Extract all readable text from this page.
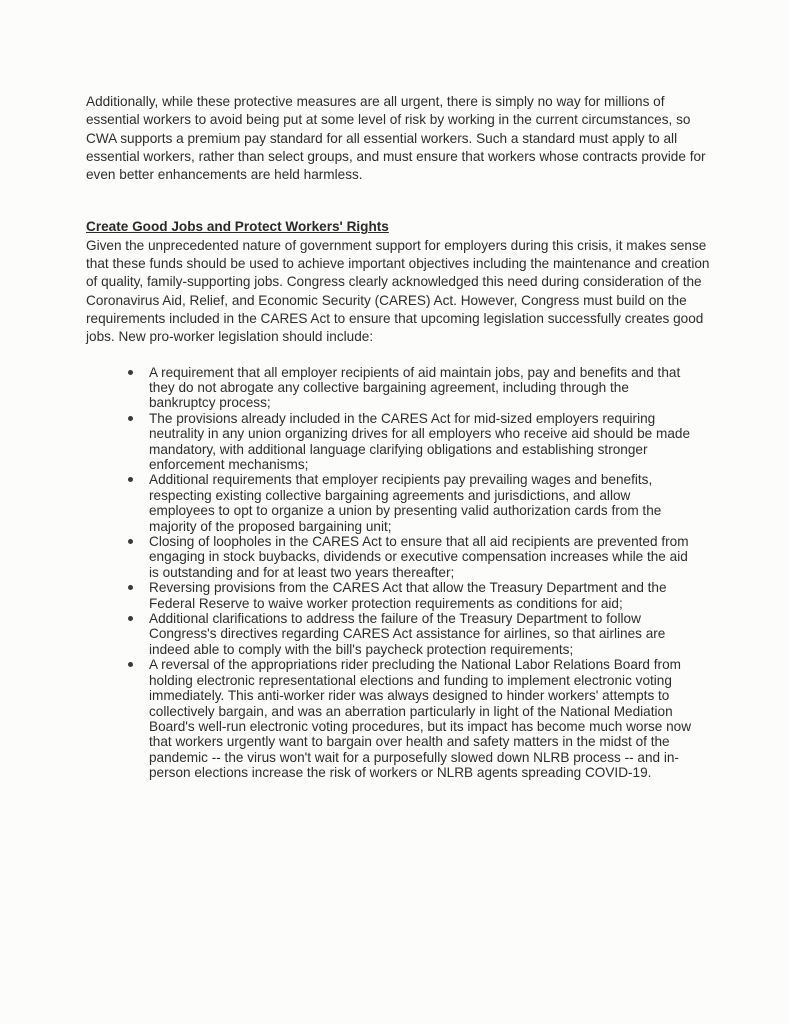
Additionally, while these protective measures are all urgent, there is simply no way for millions of essential workers to avoid being put at some level of risk by working in the current circumstances, so CWA supports a premium pay standard for all essential workers. Such a standard must apply to all essential workers, rather than select groups, and must ensure that workers whose contracts provide for even better enhancements are held harmless.

Create Good Jobs and Protect Workers' Rights

Given the unprecedented nature of government support for employers during this crisis, it makes sense that these funds should be used to achieve important objectives including the maintenance and creation of quality, family-supporting jobs. Congress clearly acknowledged this need during consideration of the Coronavirus Aid, Relief, and Economic Security (CARES) Act. However, Congress must build on the requirements included in the CARES Act to ensure that upcoming legislation successfully creates good jobs. New pro-worker legislation should include:

A requirement that all employer recipients of aid maintain jobs, pay and benefits and that they do not abrogate any collective bargaining agreement, including through the bankruptcy process;
The provisions already included in the CARES Act for mid-sized employers requiring neutrality in any union organizing drives for all employers who receive aid should be made mandatory, with additional language clarifying obligations and establishing stronger enforcement mechanisms;
Additional requirements that employer recipients pay prevailing wages and benefits, respecting existing collective bargaining agreements and jurisdictions, and allow employees to opt to organize a union by presenting valid authorization cards from the majority of the proposed bargaining unit;
Closing of loopholes in the CARES Act to ensure that all aid recipients are prevented from engaging in stock buybacks, dividends or executive compensation increases while the aid is outstanding and for at least two years thereafter;
Reversing provisions from the CARES Act that allow the Treasury Department and the Federal Reserve to waive worker protection requirements as conditions for aid;
Additional clarifications to address the failure of the Treasury Department to follow Congress's directives regarding CARES Act assistance for airlines, so that airlines are indeed able to comply with the bill's paycheck protection requirements;
A reversal of the appropriations rider precluding the National Labor Relations Board from holding electronic representational elections and funding to implement electronic voting immediately. This anti-worker rider was always designed to hinder workers' attempts to collectively bargain, and was an aberration particularly in light of the National Mediation Board's well-run electronic voting procedures, but its impact has become much worse now that workers urgently want to bargain over health and safety matters in the midst of the pandemic -- the virus won't wait for a purposefully slowed down NLRB process -- and in-person elections increase the risk of workers or NLRB agents spreading COVID-19.
